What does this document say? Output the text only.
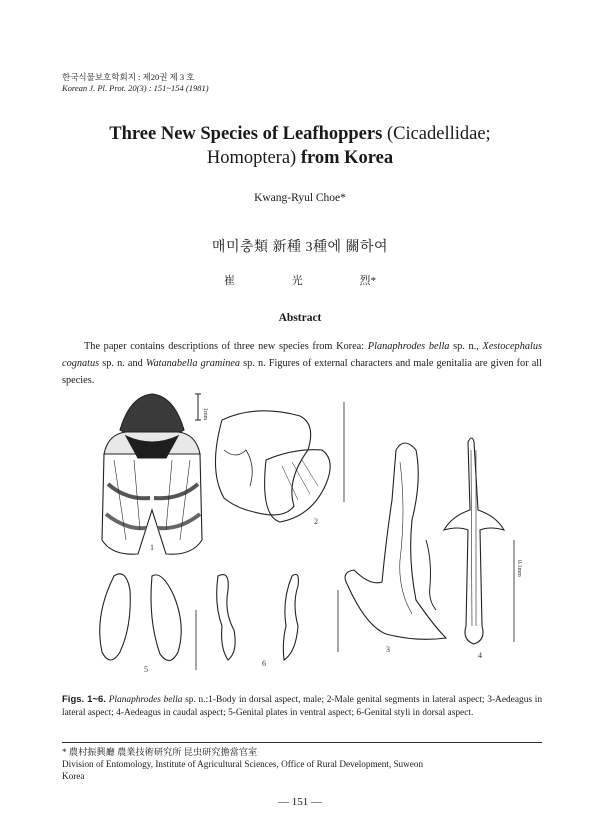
한국식물보호학회지 : 제20권 제 3 호
Korean J. Pl. Prot. 20(3) : 151~154 (1981)
Three New Species of Leafhoppers (Cicadellidae;
Homoptera) from Korea
Kwang-Ryul Choe*
매미충類 新種 3種에 關하여
崔 光 烈*
Abstract
The paper contains descriptions of three new species from Korea: Planaphrodes bella sp. n., Xestocephalus cognatus sp. n. and Watanabella graminea sp. n. Figures of external characters and male genitalia are given for all species.
1
1mm
2
3
4
0.1mm
5
6
Figs. 1~6. Planaphrodes bella sp. n.:1-Body in dorsal aspect, male; 2-Male genital segments in lateral aspect; 3-Aedeagus in lateral aspect; 4-Aedeagus in caudal aspect; 5-Genital plates in ventral aspect; 6-Genital styli in dorsal aspect.
* 農村振興廳 農業技術研究所 昆虫研究擔當官室
Division of Entomology, Institute of Agricultural Sciences, Office of Rural Development, Suweon
Korea
— 151 —
